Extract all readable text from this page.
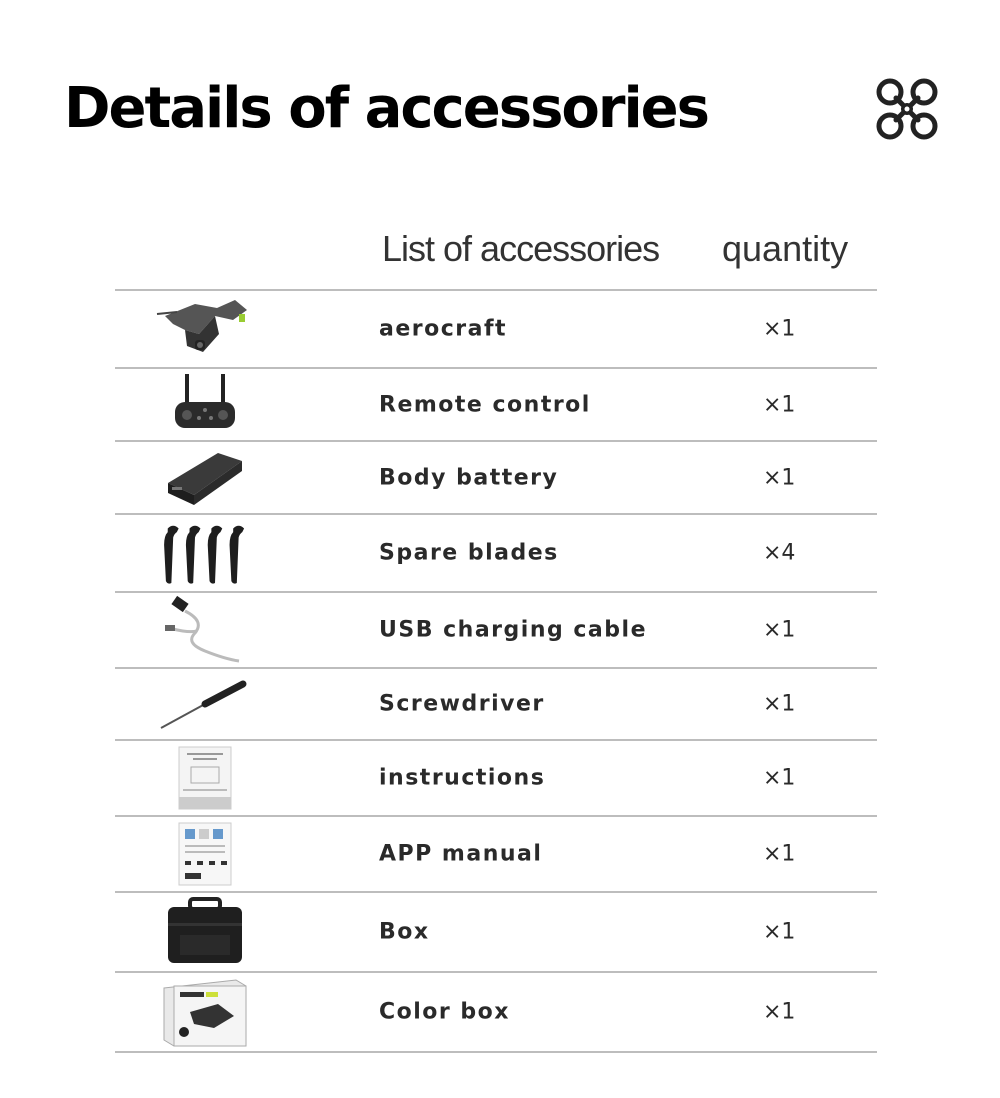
Details of accessories
List of accessories quantity
aerocraft	×1
Remote control	×1
Body battery	×1
Spare blades	×4
USB charging cable	×1
Screwdriver	×1
instructions	×1
APP manual	×1
Box	×1
Color box	×1
